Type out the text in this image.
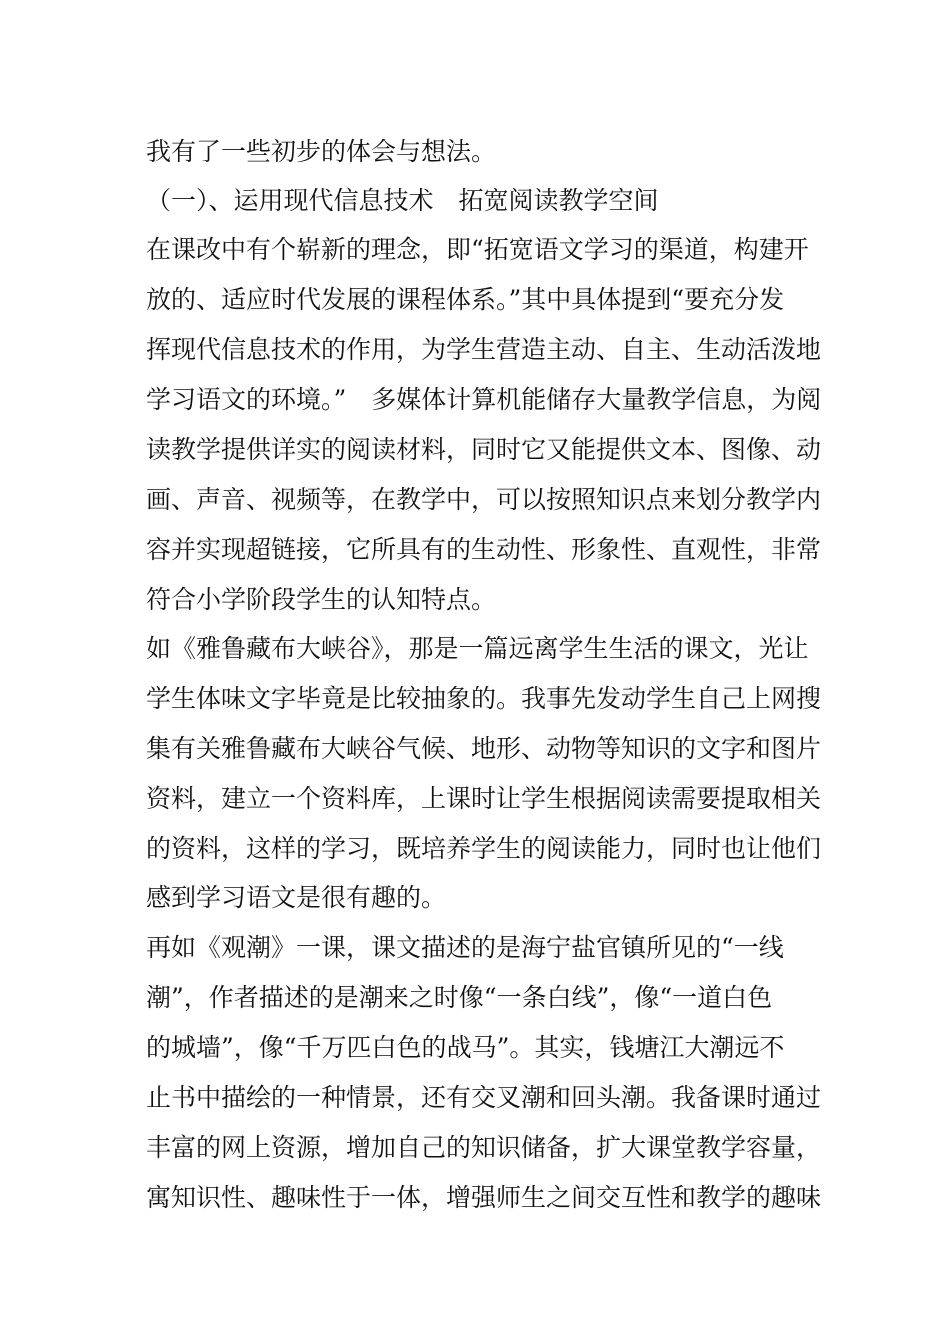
我有了一些初步的体会与想法。
（一）、运用现代信息技术　拓宽阅读教学空间
在课改中有个崭新的理念，即“拓宽语文学习的渠道，构建开
放的、适应时代发展的课程体系。”其中具体提到“要充分发
挥现代信息技术的作用，为学生营造主动、自主、生动活泼地
学习语文的环境。”　多媒体计算机能储存大量教学信息，为阅
读教学提供详实的阅读材料，同时它又能提供文本、图像、动
画、声音、视频等，在教学中，可以按照知识点来划分教学内
容并实现超链接，它所具有的生动性、形象性、直观性，非常
符合小学阶段学生的认知特点。
如《雅鲁藏布大峡谷》，那是一篇远离学生生活的课文，光让
学生体味文字毕竟是比较抽象的。我事先发动学生自己上网搜
集有关雅鲁藏布大峡谷气候、地形、动物等知识的文字和图片
资料，建立一个资料库，上课时让学生根据阅读需要提取相关
的资料，这样的学习，既培养学生的阅读能力，同时也让他们
感到学习语文是很有趣的。
再如《观潮》一课，课文描述的是海宁盐官镇所见的“一线
潮”，作者描述的是潮来之时像“一条白线”，像“一道白色
的城墙”，像“千万匹白色的战马”。其实，钱塘江大潮远不
止书中描绘的一种情景，还有交叉潮和回头潮。我备课时通过
丰富的网上资源，增加自己的知识储备，扩大课堂教学容量，
寓知识性、趣味性于一体，增强师生之间交互性和教学的趣味
